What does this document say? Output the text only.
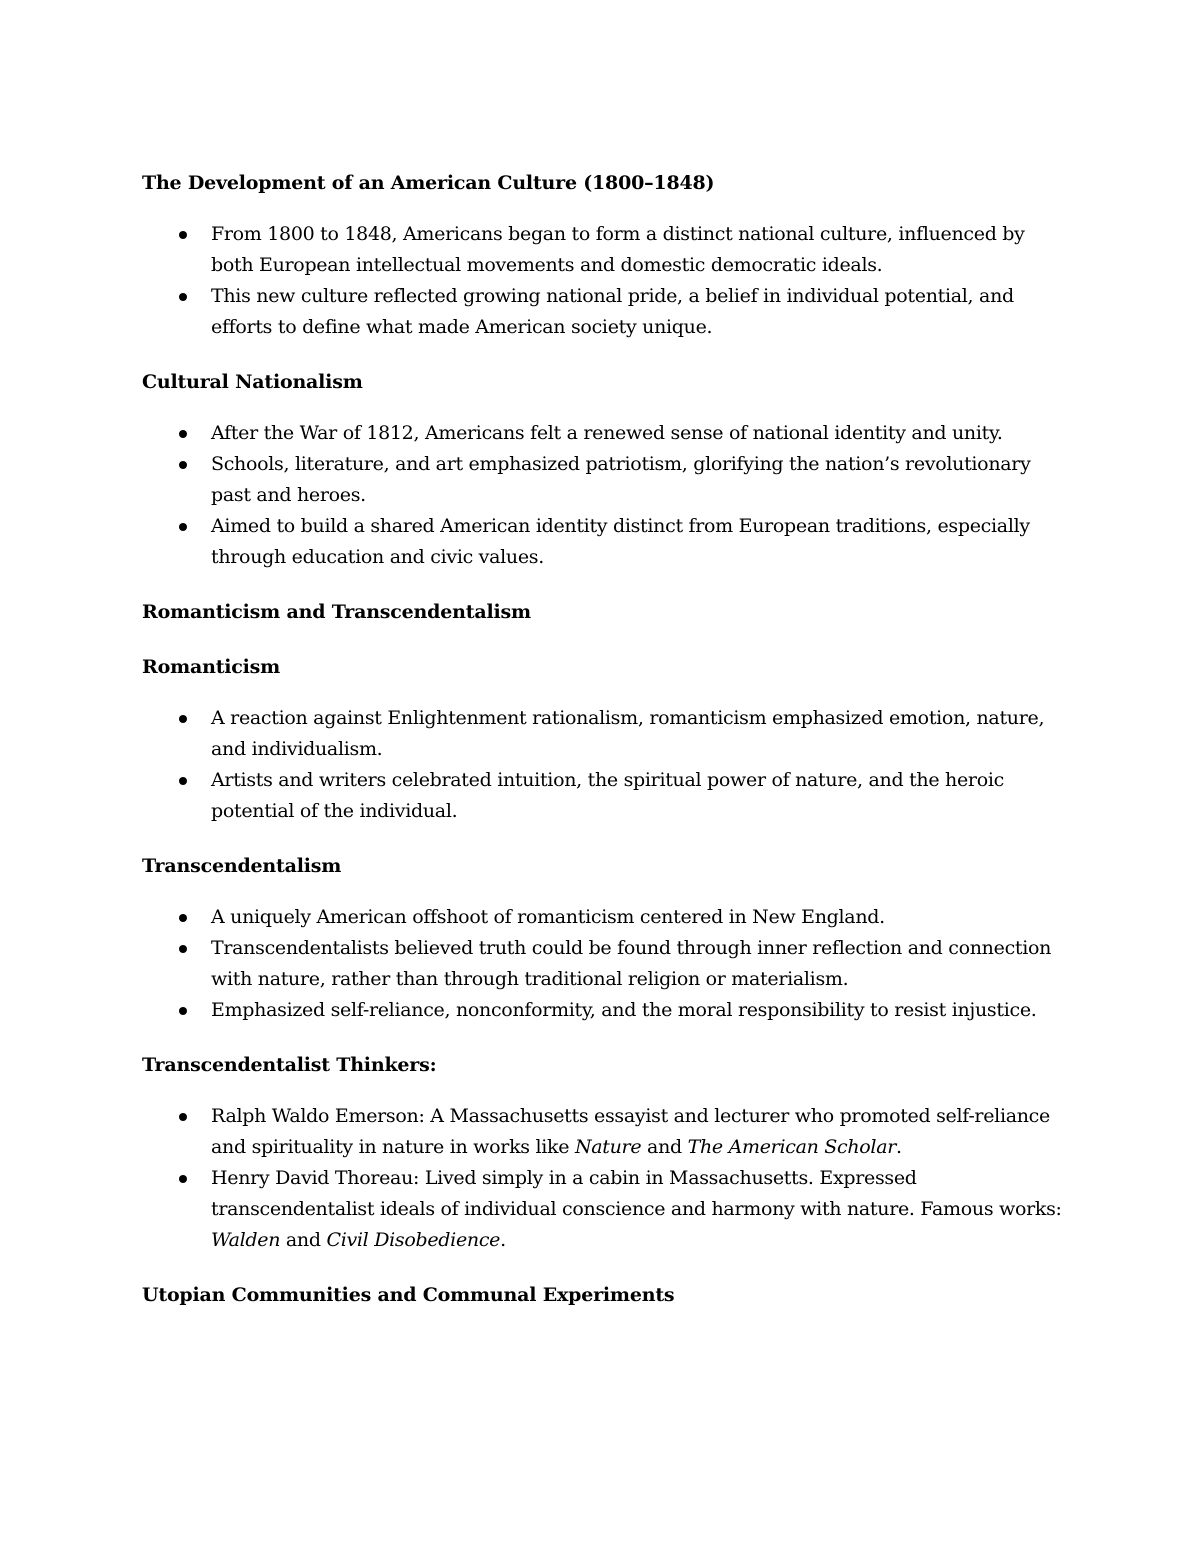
The Development of an American Culture (1800–1848)
From 1800 to 1848, Americans began to form a distinct national culture, influenced by both European intellectual movements and domestic democratic ideals.
This new culture reflected growing national pride, a belief in individual potential, and efforts to define what made American society unique.
Cultural Nationalism
After the War of 1812, Americans felt a renewed sense of national identity and unity.
Schools, literature, and art emphasized patriotism, glorifying the nation’s revolutionary past and heroes.
Aimed to build a shared American identity distinct from European traditions, especially through education and civic values.
Romanticism and Transcendentalism
Romanticism
A reaction against Enlightenment rationalism, romanticism emphasized emotion, nature, and individualism.
Artists and writers celebrated intuition, the spiritual power of nature, and the heroic potential of the individual.
Transcendentalism
A uniquely American offshoot of romanticism centered in New England.
Transcendentalists believed truth could be found through inner reflection and connection with nature, rather than through traditional religion or materialism.
Emphasized self-reliance, nonconformity, and the moral responsibility to resist injustice.
Transcendentalist Thinkers:
Ralph Waldo Emerson: A Massachusetts essayist and lecturer who promoted self-reliance and spirituality in nature in works like Nature and The American Scholar.
Henry David Thoreau: Lived simply in a cabin in Massachusetts. Expressed transcendentalist ideals of individual conscience and harmony with nature. Famous works: Walden and Civil Disobedience.
Utopian Communities and Communal Experiments
